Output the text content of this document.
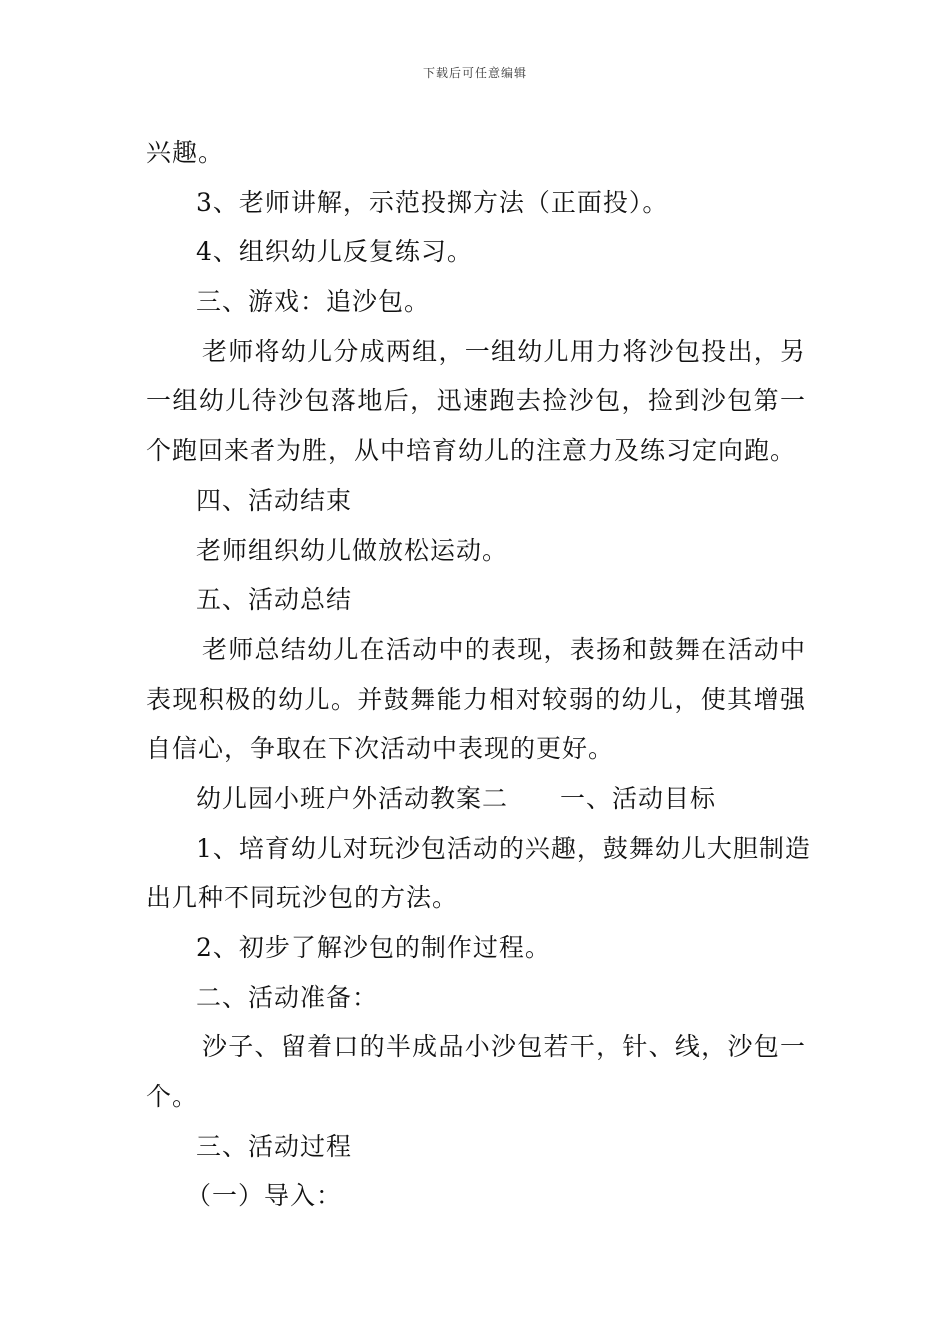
下载后可任意编辑
兴趣。
3、老师讲解，示范投掷方法（正面投）。
4、组织幼儿反复练习。
三、游戏：追沙包。
老师将幼儿分成两组，一组幼儿用力将沙包投出，另
一组幼儿待沙包落地后，迅速跑去捡沙包，捡到沙包第一
个跑回来者为胜，从中培育幼儿的注意力及练习定向跑。
四、活动结束
老师组织幼儿做放松运动。
五、活动总结
老师总结幼儿在活动中的表现，表扬和鼓舞在活动中
表现积极的幼儿。并鼓舞能力相对较弱的幼儿，使其增强
自信心，争取在下次活动中表现的更好。
幼儿园小班户外活动教案二　　一、活动目标
1、培育幼儿对玩沙包活动的兴趣，鼓舞幼儿大胆制造
出几种不同玩沙包的方法。
2、初步了解沙包的制作过程。
二、活动准备：
沙子、留着口的半成品小沙包若干，针、线，沙包一
个。
三、活动过程
（一）导入：
